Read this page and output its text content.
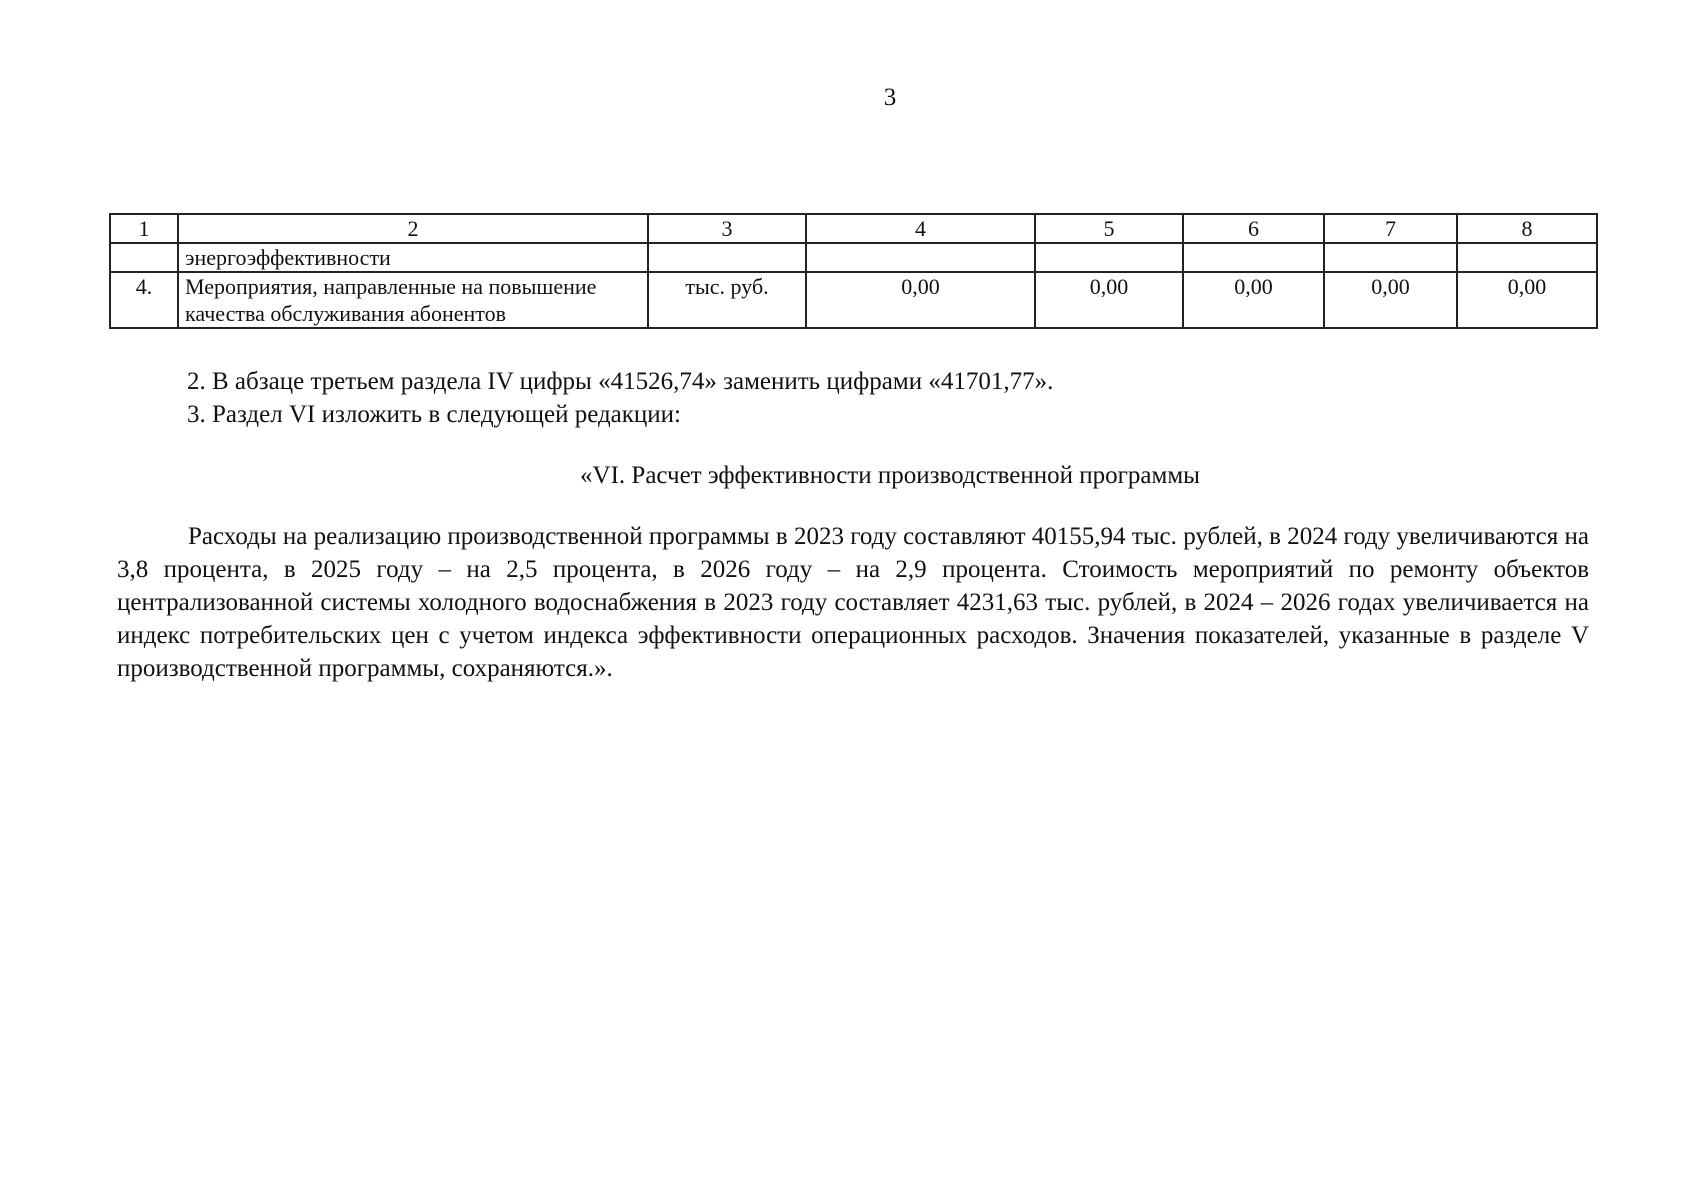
3
1	2	3	4	5	6	7	8
	энергоэффективности						
4.	Мероприятия, направленные на повышение качества обслуживания абонентов	тыс. руб.	0,00	0,00	0,00	0,00	0,00
2. В абзаце третьем раздела IV цифры «41526,74» заменить цифрами «41701,77».
3. Раздел VI изложить в следующей редакции:
«VI. Расчет эффективности производственной программы
Расходы на реализацию производственной программы в 2023 году составляют 40155,94 тыс. рублей, в 2024 году увеличиваются на 3,8 процента, в 2025 году – на 2,5 процента, в 2026 году – на 2,9 процента. Стоимость мероприятий по ремонту объектов централизованной системы холодного водоснабжения в 2023 году составляет 4231,63 тыс. рублей, в 2024 – 2026 годах увеличивается на индекс потребительских цен с учетом индекса эффективности операционных расходов. Значения показателей, указанные в разделе V производственной программы, сохраняются.».
